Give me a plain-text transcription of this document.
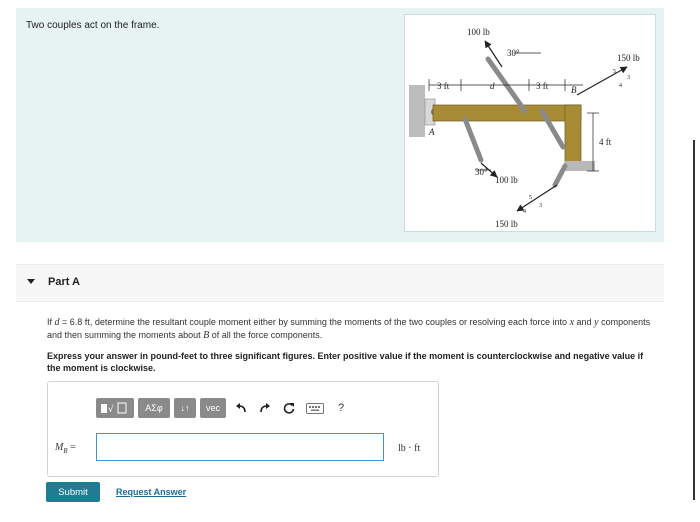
Two couples act on the frame.
100 lb
150 lb
30°
3 ft	d	3 ft	B
4 ft
A
30°
100 lb
150 lb
5
4
3
5
4
3
Part A
If d = 6.8 ft, determine the resultant couple moment either by summing the moments of the two couples or resolving each force into x and y components and then summing the moments about B of all the force components.
Express your answer in pound-feet to three significant figures. Enter positive value if the moment is counterclockwise and negative value if the moment is clockwise.
√	ΑΣφ	↓↑	vec	?
$M_R$ =	lb · ft
Submit	Request Answer
